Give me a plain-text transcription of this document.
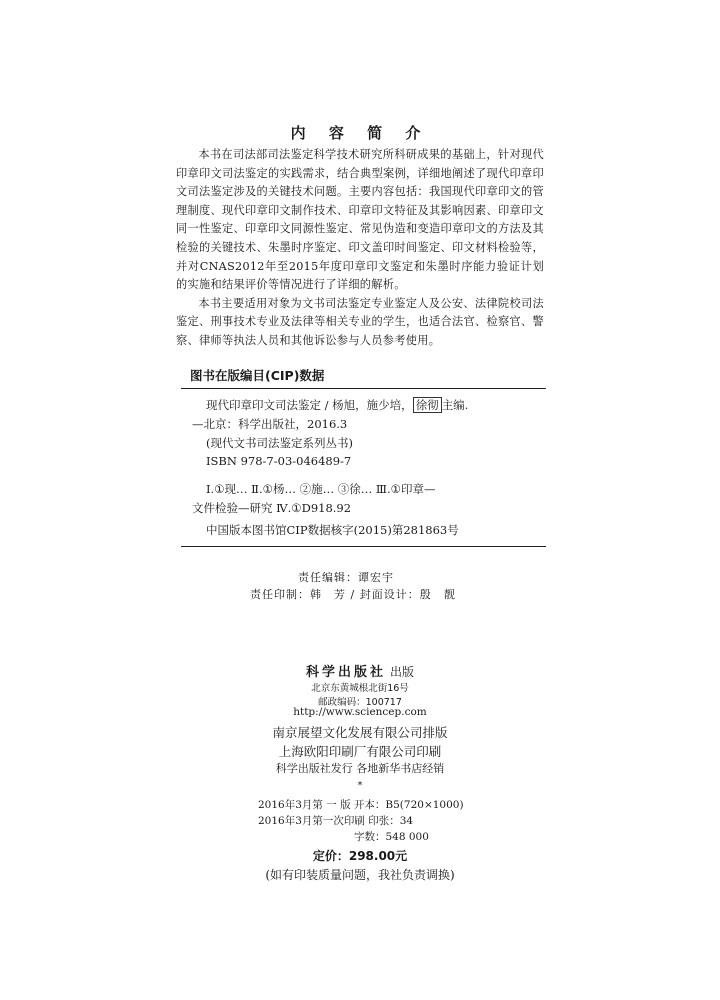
内 容 简 介

本书在司法部司法鉴定科学技术研究所科研成果的基础上，针对现代印章印文司法鉴定的实践需求，结合典型案例，详细地阐述了现代印章印文司法鉴定涉及的关键技术问题。主要内容包括：我国现代印章印文的管理制度、现代印章印文制作技术、印章印文特征及其影响因素、印章印文同一性鉴定、印章印文同源性鉴定、常见伪造和变造印章印文的方法及其检验的关键技术、朱墨时序鉴定、印文盖印时间鉴定、印文材料检验等，并对CNAS2012年至2015年度印章印文鉴定和朱墨时序能力验证计划的实施和结果评价等情况进行了详细的解析。

本书主要适用对象为文书司法鉴定专业鉴定人及公安、法律院校司法鉴定、刑事技术专业及法律等相关专业的学生，也适合法官、检察官、警察、律师等执法人员和其他诉讼参与人员参考使用。

图书在版编目(CIP)数据
现代印章印文司法鉴定 / 杨旭，施少培， 徐彻 主编.
—北京：科学出版社，2016.3
(现代文书司法鉴定系列丛书)
ISBN 978-7-03-046489-7
Ⅰ.①现… Ⅱ.①杨… ②施… ③徐… Ⅲ.①印章—
文件检验—研究 Ⅳ.①D918.92
中国版本图书馆CIP数据核字(2015)第281863号
责任编辑：谭宏宇
责任印制：韩　芳 / 封面设计：殷　靓
科学出版社 出版
北京东黄城根北街16号
邮政编码：100717
http://www.sciencep.com
南京展望文化发展有限公司排版
上海欧阳印刷厂有限公司印刷
科学出版社发行 各地新华书店经销
*
2016年3月第 一 版 开本：B5(720×1000)
2016年3月第一次印刷 印张：34
字数：548 000
定价：298.00元
(如有印装质量问题，我社负责调换)
